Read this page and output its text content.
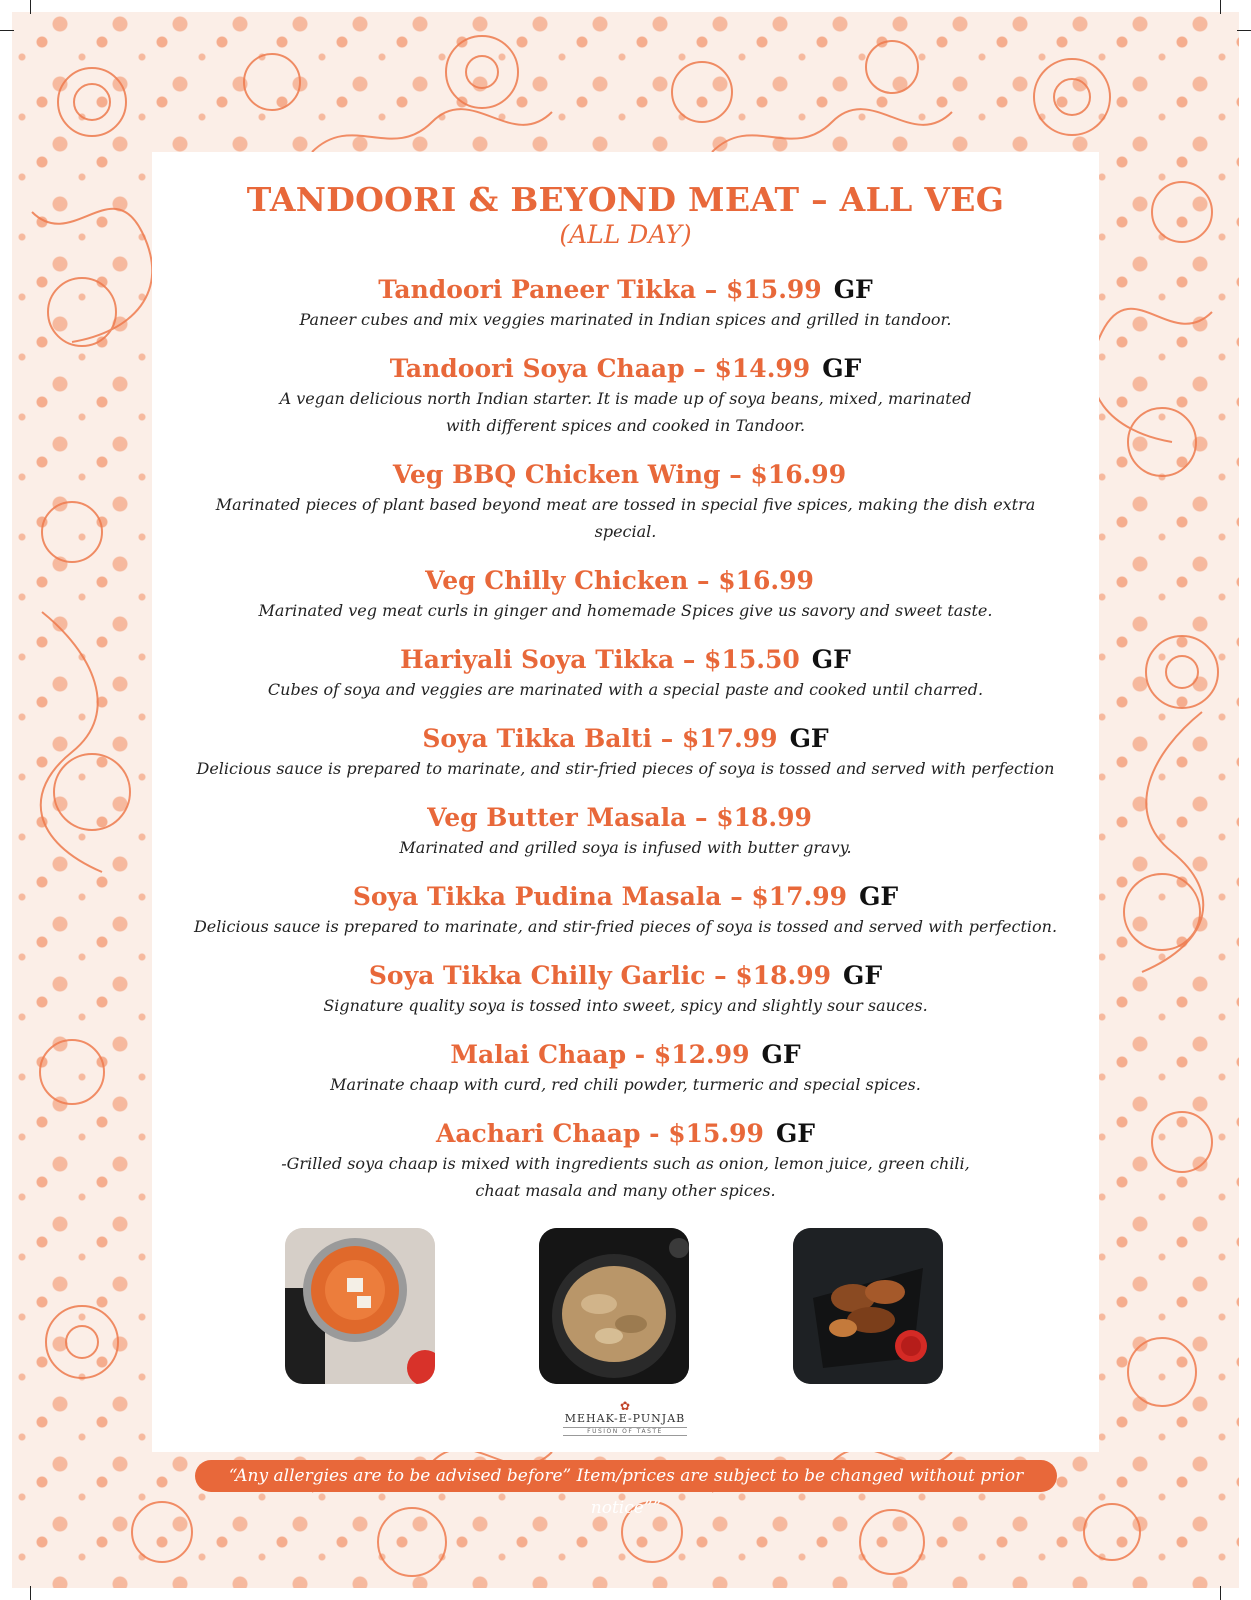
TANDOORI & BEYOND MEAT – ALL VEG

(ALL DAY)

Tandoori Paneer Tikka – $15.99 GF

Paneer cubes and mix veggies marinated in Indian spices and grilled in tandoor.

Tandoori Soya Chaap – $14.99 GF

A vegan delicious north Indian starter. It is made up of soya beans, mixed, marinated with different spices and cooked in Tandoor.

Veg BBQ Chicken Wing – $16.99

Marinated pieces of plant based beyond meat are tossed in special five spices, making the dish extra special.

Veg Chilly Chicken – $16.99

Marinated veg meat curls in ginger and homemade Spices give us savory and sweet taste.

Hariyali Soya Tikka – $15.50 GF

Cubes of soya and veggies are marinated with a special paste and cooked until charred.

Soya Tikka Balti – $17.99 GF

Delicious sauce is prepared to marinate, and stir-fried pieces of soya is tossed and served with perfection

Veg Butter Masala – $18.99

Marinated and grilled soya is infused with butter gravy.

Soya Tikka Pudina Masala – $17.99 GF

Delicious sauce is prepared to marinate, and stir-fried pieces of soya is tossed and served with perfection.

Soya Tikka Chilly Garlic – $18.99 GF

Signature quality soya is tossed into sweet, spicy and slightly sour sauces.

Malai Chaap - $12.99 GF

Marinate chaap with curd, red chili powder, turmeric and special spices.

Aachari Chaap - $15.99 GF

-Grilled soya chaap is mixed with ingredients such as onion, lemon juice, green chili, chaat masala and many other spices.

✿
MEHAK-E-PUNJAB
FUSION OF TASTE
“Any allergies are to be advised before” Item/prices are subject to be changed without prior notice””
